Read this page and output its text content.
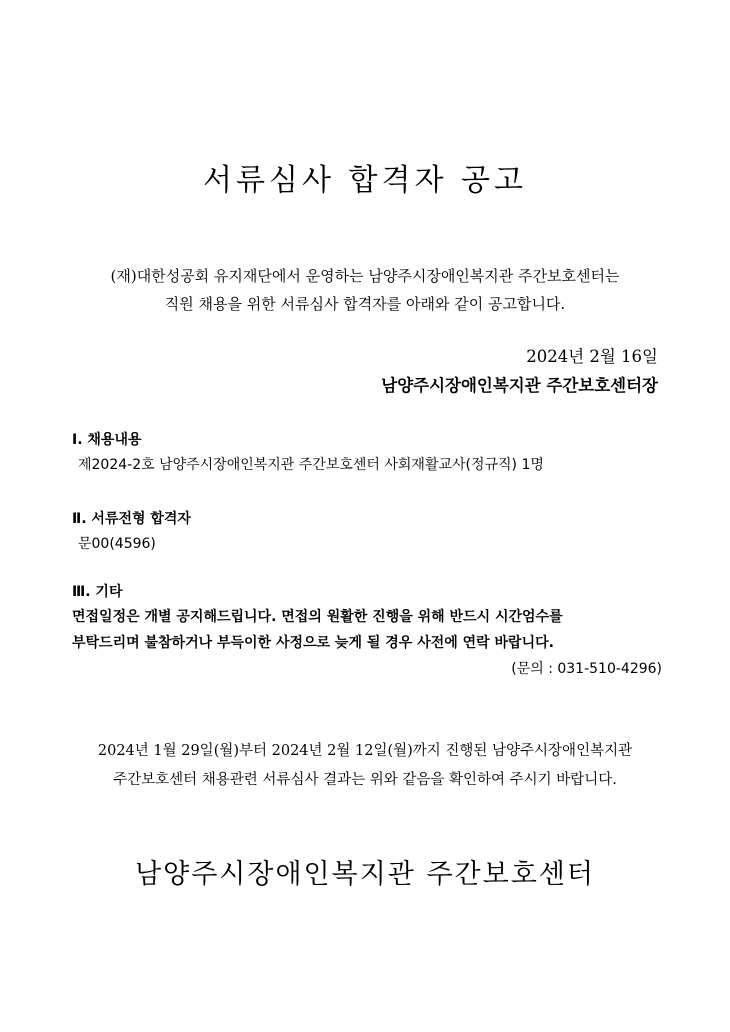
서류심사 합격자 공고
(재)대한성공회 유지재단에서 운영하는 남양주시장애인복지관 주간보호센터는
직원 채용을 위한 서류심사 합격자를 아래와 같이 공고합니다.
2024년 2월 16일
남양주시장애인복지관 주간보호센터장
Ⅰ. 채용내용
제2024-2호 남양주시장애인복지관 주간보호센터 사회재활교사(정규직) 1명
Ⅱ. 서류전형 합격자
문00(4596)
Ⅲ. 기타
면접일정은 개별 공지해드립니다. 면접의 원활한 진행을 위해 반드시 시간엄수를
부탁드리며 불참하거나 부득이한 사정으로 늦게 될 경우 사전에 연락 바랍니다.
(문의 : 031-510-4296)
2024년 1월 29일(월)부터 2024년 2월 12일(월)까지 진행된 남양주시장애인복지관
주간보호센터 채용관련 서류심사 결과는 위와 같음을 확인하여 주시기 바랍니다.
남양주시장애인복지관 주간보호센터
